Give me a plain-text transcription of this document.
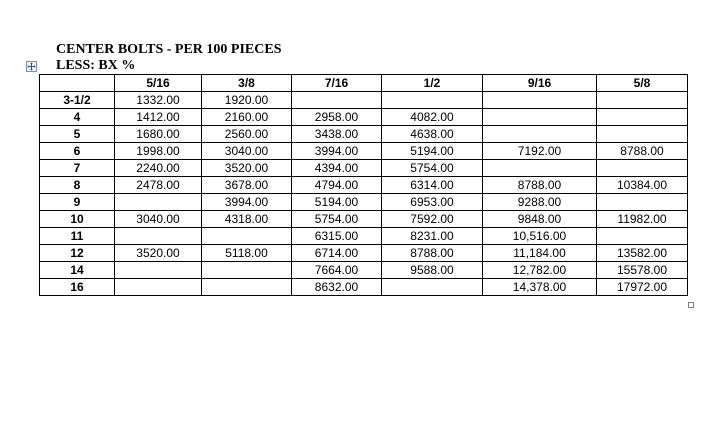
CENTER BOLTS - PER 100 PIECES

LESS: BX %

	5/16	3/8	7/16	1/2	9/16	5/8
3-1/2	1332.00	1920.00				
4	1412.00	2160.00	2958.00	4082.00		
5	1680.00	2560.00	3438.00	4638.00		
6	1998.00	3040.00	3994.00	5194.00	7192.00	8788.00
7	2240.00	3520.00	4394.00	5754.00		
8	2478.00	3678.00	4794.00	6314.00	8788.00	10384.00
9		3994.00	5194.00	6953.00	9288.00	
10	3040.00	4318.00	5754.00	7592.00	9848.00	11982.00
11			6315.00	8231.00	10,516.00	
12	3520.00	5118.00	6714.00	8788.00	11,184.00	13582.00
14			7664.00	9588.00	12,782.00	15578.00
16			8632.00		14,378.00	17972.00
